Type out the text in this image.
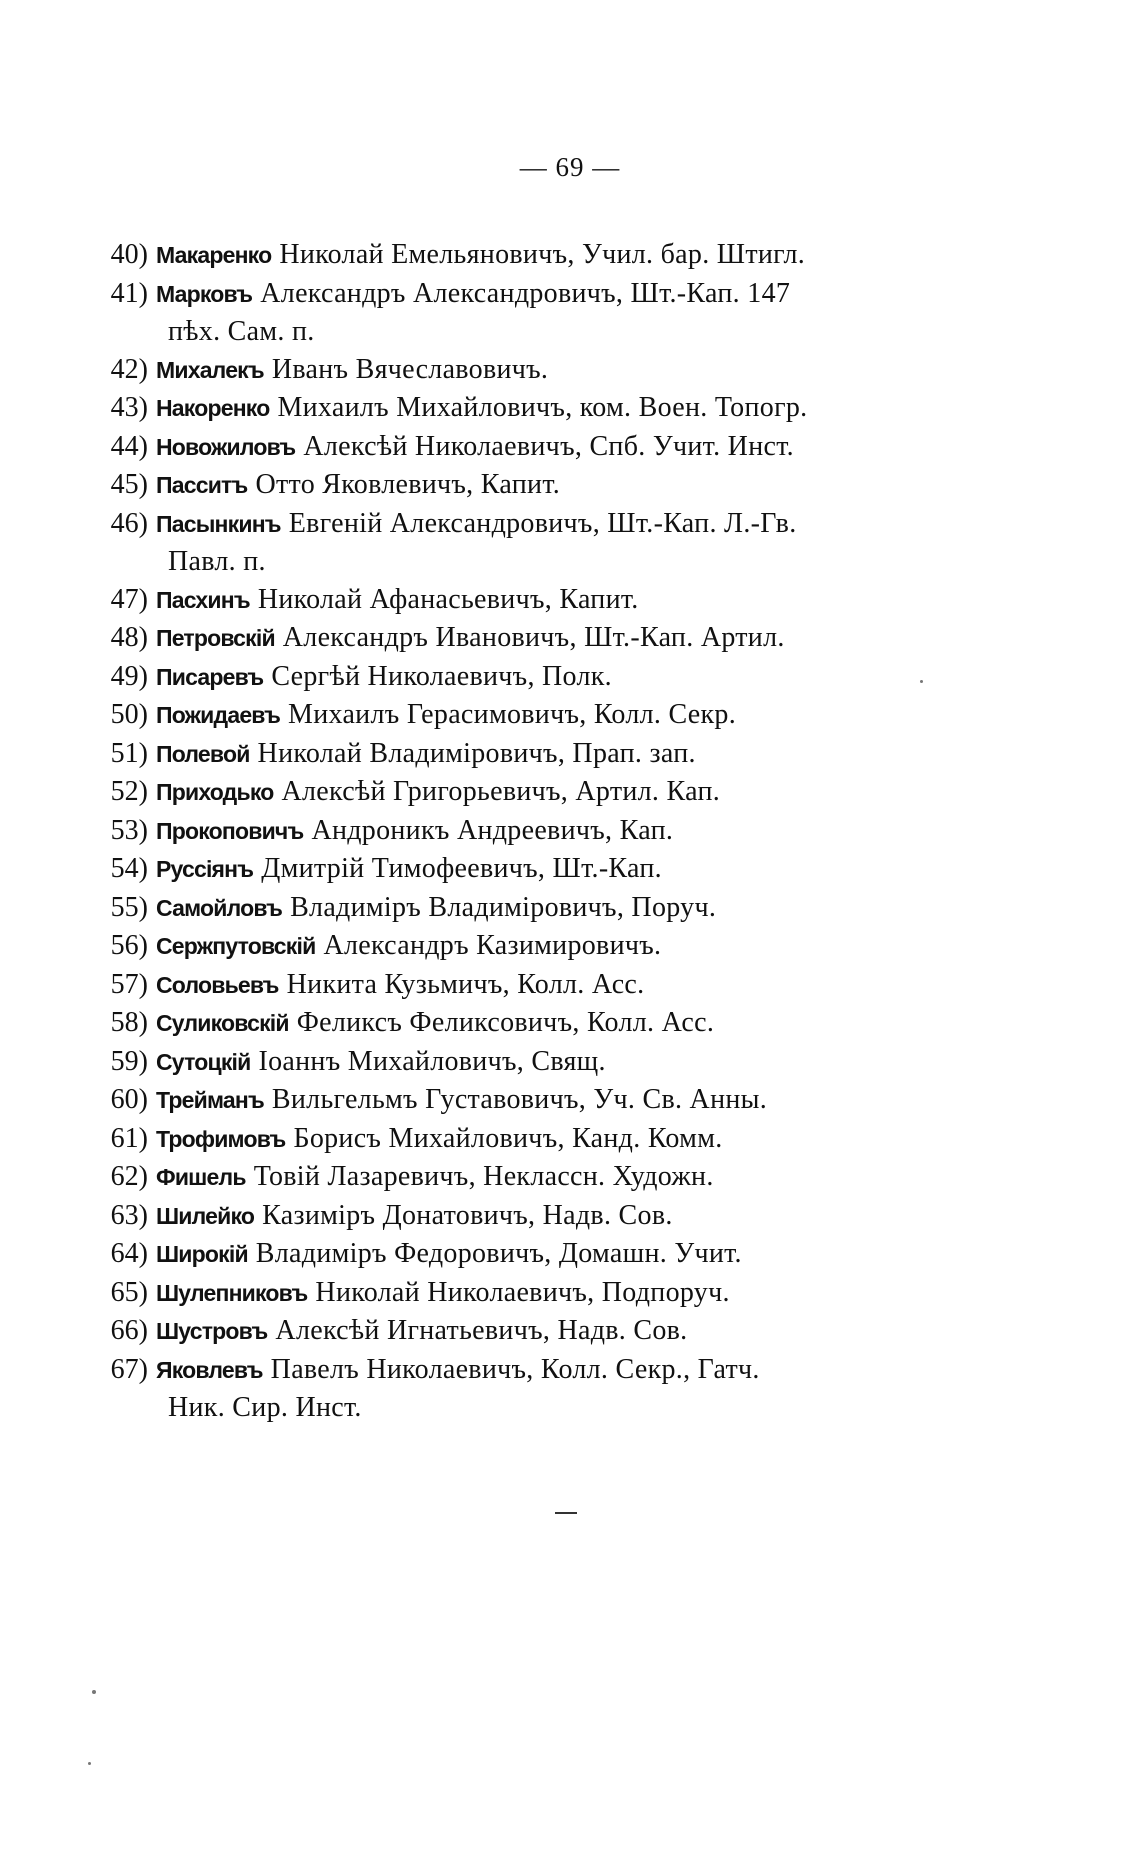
— 69 —
40) Макаренко Николай Емельяновичъ, Учил. бар. Штигл.
41) Марковъ Александръ Александровичъ, Шт.-Кап. 147
пѣх. Сам. п.
42) Михалекъ Иванъ Вячеславовичъ.
43) Накоренко Михаилъ Михайловичъ, ком. Воен. Топогр.
44) Новожиловъ Алексѣй Николаевичъ, Спб. Учит. Инст.
45) Пасситъ Отто Яковлевичъ, Капит.
46) Пасынкинъ Евгеній Александровичъ, Шт.-Кап. Л.-Гв.
Павл. п.
47) Пасхинъ Николай Афанасьевичъ, Капит.
48) Петровскій Александръ Ивановичъ, Шт.-Кап. Артил.
49) Писаревъ Сергѣй Николаевичъ, Полк.
50) Пожидаевъ Михаилъ Герасимовичъ, Колл. Секр.
51) Полевой Николай Владиміровичъ, Прап. зап.
52) Приходько Алексѣй Григорьевичъ, Артил. Кап.
53) Прокоповичъ Андроникъ Андреевичъ, Кап.
54) Руссіянъ Дмитрій Тимофеевичъ, Шт.-Кап.
55) Самойловъ Владиміръ Владиміровичъ, Поруч.
56) Сержпутовскій Александръ Казимировичъ.
57) Соловьевъ Никита Кузьмичъ, Колл. Асс.
58) Суликовскій Феликсъ Феликсовичъ, Колл. Асс.
59) Сутоцкій Іоаннъ Михайловичъ, Свящ.
60) Трейманъ Вильгельмъ Густавовичъ, Уч. Св. Анны.
61) Трофимовъ Борисъ Михайловичъ, Канд. Комм.
62) Фишель Товій Лазаревичъ, Неклассн. Художн.
63) Шилейко Казиміръ Донатовичъ, Надв. Сов.
64) Широкій Владиміръ Федоровичъ, Домашн. Учит.
65) Шулепниковъ Николай Николаевичъ, Подпоруч.
66) Шустровъ Алексѣй Игнатьевичъ, Надв. Сов.
67) Яковлевъ Павелъ Николаевичъ, Колл. Секр., Гатч.
Ник. Сир. Инст.
